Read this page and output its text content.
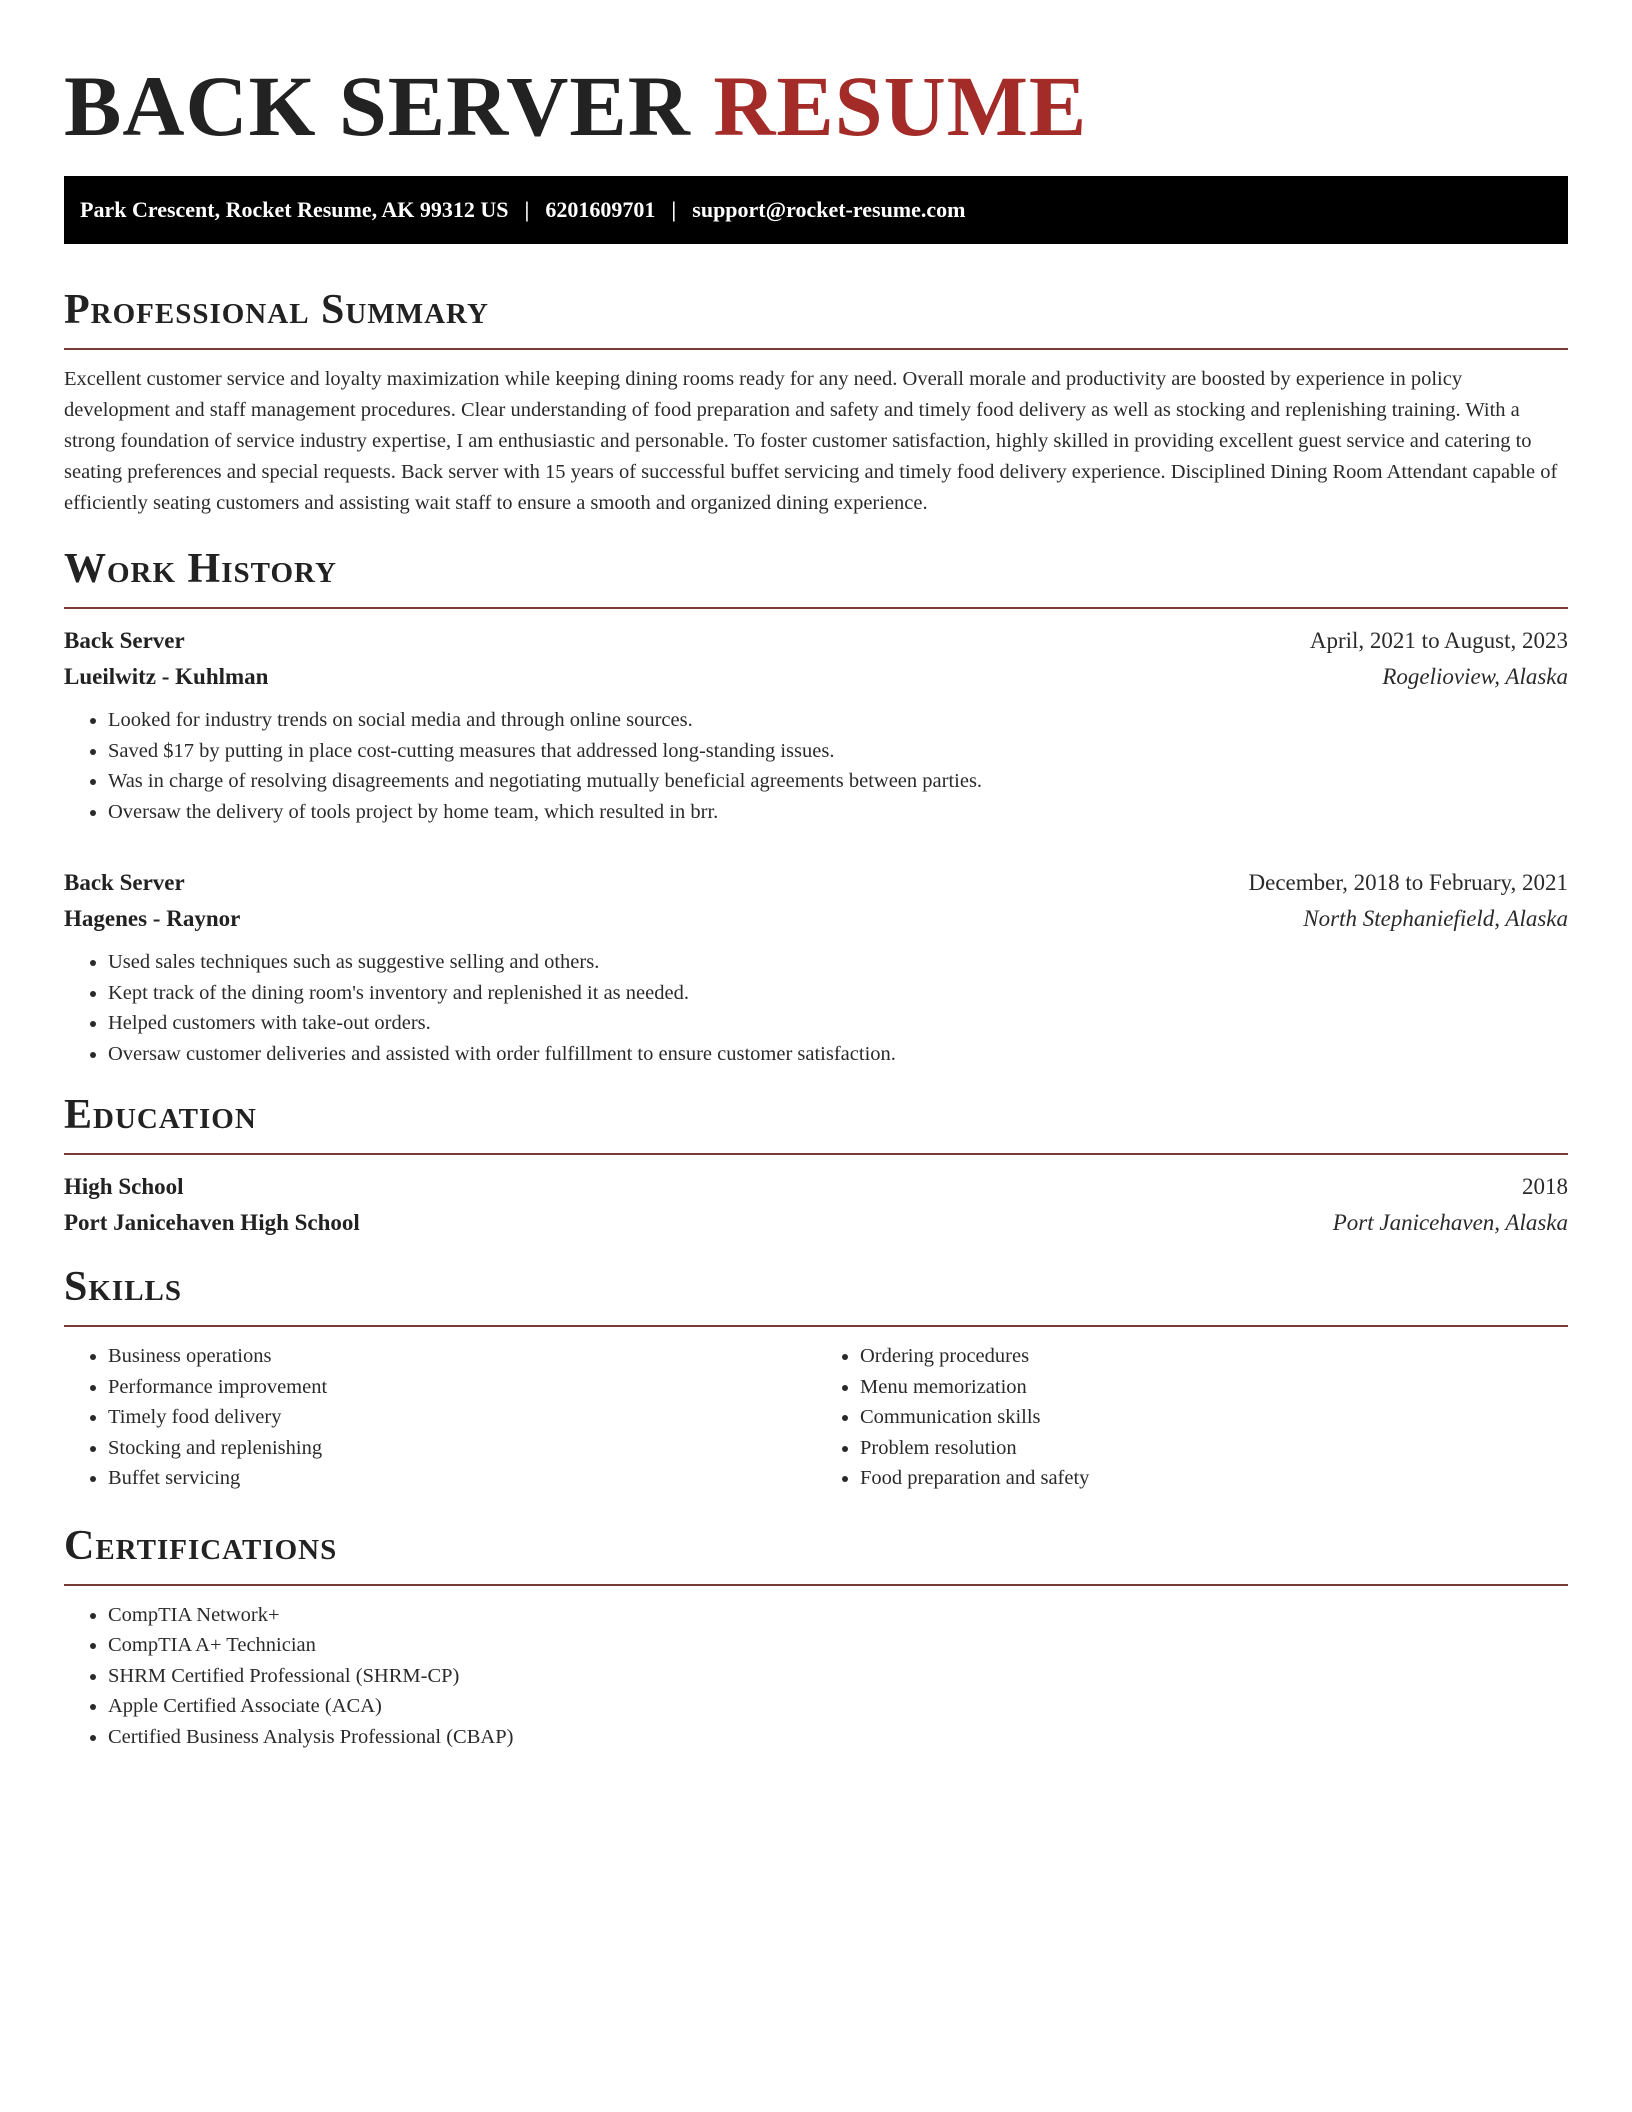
BACK SERVER RESUME
Park Crescent, Rocket Resume, AK 99312 US | 6201609701 | support@rocket-resume.com
Professional Summary

Excellent customer service and loyalty maximization while keeping dining rooms ready for any need. Overall morale and productivity are boosted by experience in policy development and staff management procedures. Clear understanding of food preparation and safety and timely food delivery as well as stocking and replenishing training. With a strong foundation of service industry expertise, I am enthusiastic and personable. To foster customer satisfaction, highly skilled in providing excellent guest service and catering to seating preferences and special requests. Back server with 15 years of successful buffet servicing and timely food delivery experience. Disciplined Dining Room Attendant capable of efficiently seating customers and assisting wait staff to ensure a smooth and organized dining experience.

Work History
Back Server	April, 2021 to August, 2023
Lueilwitz - Kuhlman	Rogelioview, Alaska
• Looked for industry trends on social media and through online sources.
• Saved $17 by putting in place cost-cutting measures that addressed long-standing issues.
• Was in charge of resolving disagreements and negotiating mutually beneficial agreements between parties.
• Oversaw the delivery of tools project by home team, which resulted in brr.
Back Server	December, 2018 to February, 2021
Hagenes - Raynor	North Stephaniefield, Alaska
• Used sales techniques such as suggestive selling and others.
• Kept track of the dining room's inventory and replenished it as needed.
• Helped customers with take-out orders.
• Oversaw customer deliveries and assisted with order fulfillment to ensure customer satisfaction.
Education
High School	2018
Port Janicehaven High School	Port Janicehaven, Alaska
Skills
• Business operations
• Performance improvement
• Timely food delivery
• Stocking and replenishing
• Buffet servicing
• Ordering procedures
• Menu memorization
• Communication skills
• Problem resolution
• Food preparation and safety
Certifications
• CompTIA Network+
• CompTIA A+ Technician
• SHRM Certified Professional (SHRM-CP)
• Apple Certified Associate (ACA)
• Certified Business Analysis Professional (CBAP)
